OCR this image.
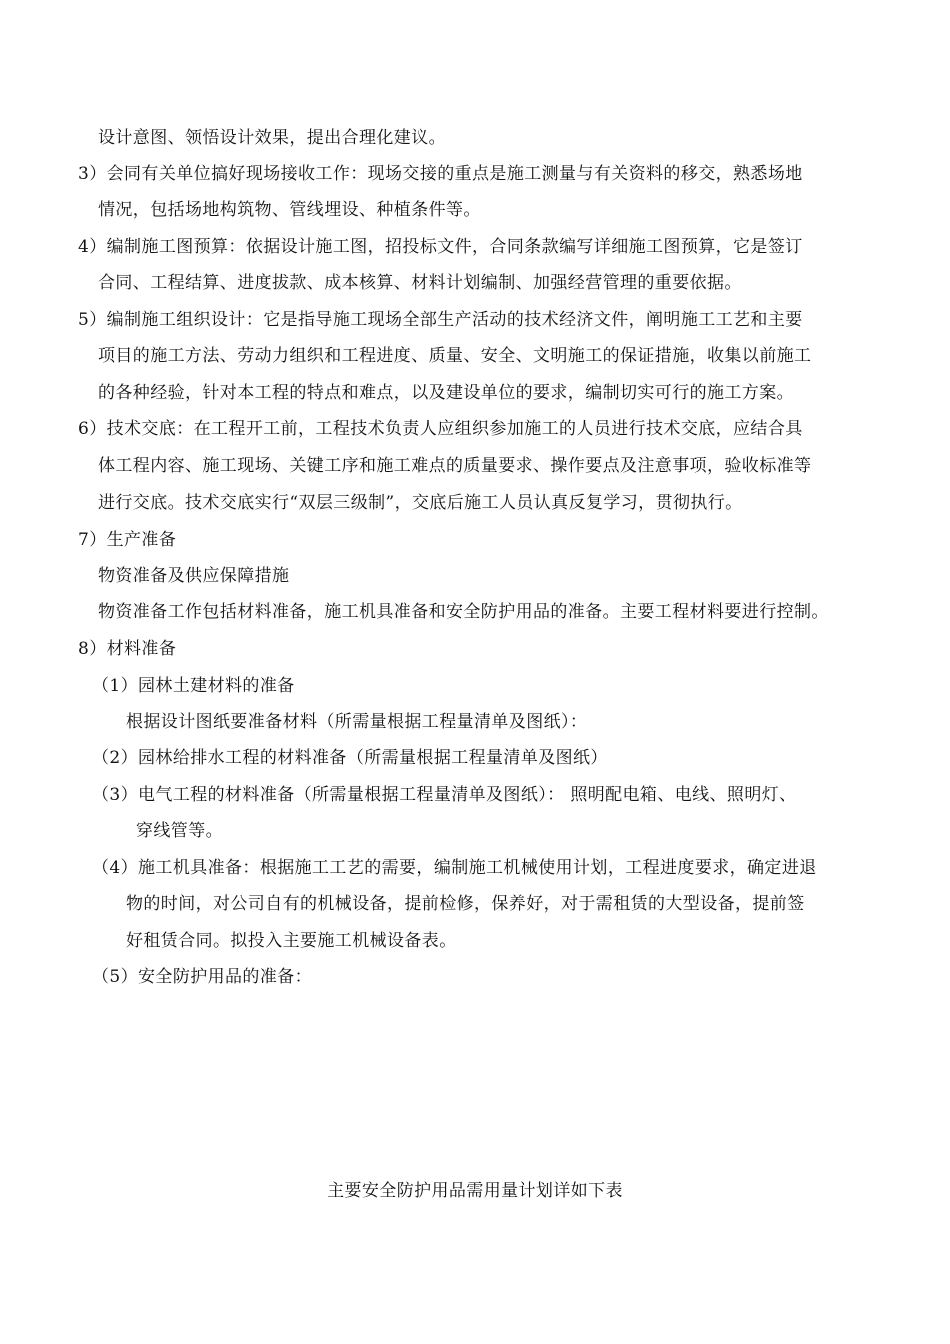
设计意图、领悟设计效果，提出合理化建议。
3）会同有关单位搞好现场接收工作：现场交接的重点是施工测量与有关资料的移交，熟悉场地
情况，包括场地构筑物、管线埋设、种植条件等。
4）编制施工图预算：依据设计施工图，招投标文件，合同条款编写详细施工图预算，它是签订
合同、工程结算、进度拔款、成本核算、材料计划编制、加强经营管理的重要依据。
5）编制施工组织设计：它是指导施工现场全部生产活动的技术经济文件，阐明施工工艺和主要
项目的施工方法、劳动力组织和工程进度、质量、安全、文明施工的保证措施，收集以前施工
的各种经验，针对本工程的特点和难点，以及建设单位的要求，编制切实可行的施工方案。
6）技术交底：在工程开工前，工程技术负责人应组织参加施工的人员进行技术交底，应结合具
体工程内容、施工现场、关键工序和施工难点的质量要求、操作要点及注意事项，验收标准等
进行交底。技术交底实行“双层三级制”，交底后施工人员认真反复学习，贯彻执行。
7）生产准备
物资准备及供应保障措施
物资准备工作包括材料准备，施工机具准备和安全防护用品的准备。主要工程材料要进行控制。
8）材料准备
（1）园林土建材料的准备
根据设计图纸要准备材料（所需量根据工程量清单及图纸）：
（2）园林给排水工程的材料准备（所需量根据工程量清单及图纸）
（3）电气工程的材料准备（所需量根据工程量清单及图纸）： 照明配电箱、电线、照明灯、
穿线管等。
（4）施工机具准备：根据施工工艺的需要，编制施工机械使用计划，工程进度要求，确定进退
物的时间，对公司自有的机械设备，提前检修，保养好，对于需租赁的大型设备，提前签
好租赁合同。拟投入主要施工机械设备表。
（5）安全防护用品的准备：
主要安全防护用品需用量计划详如下表
